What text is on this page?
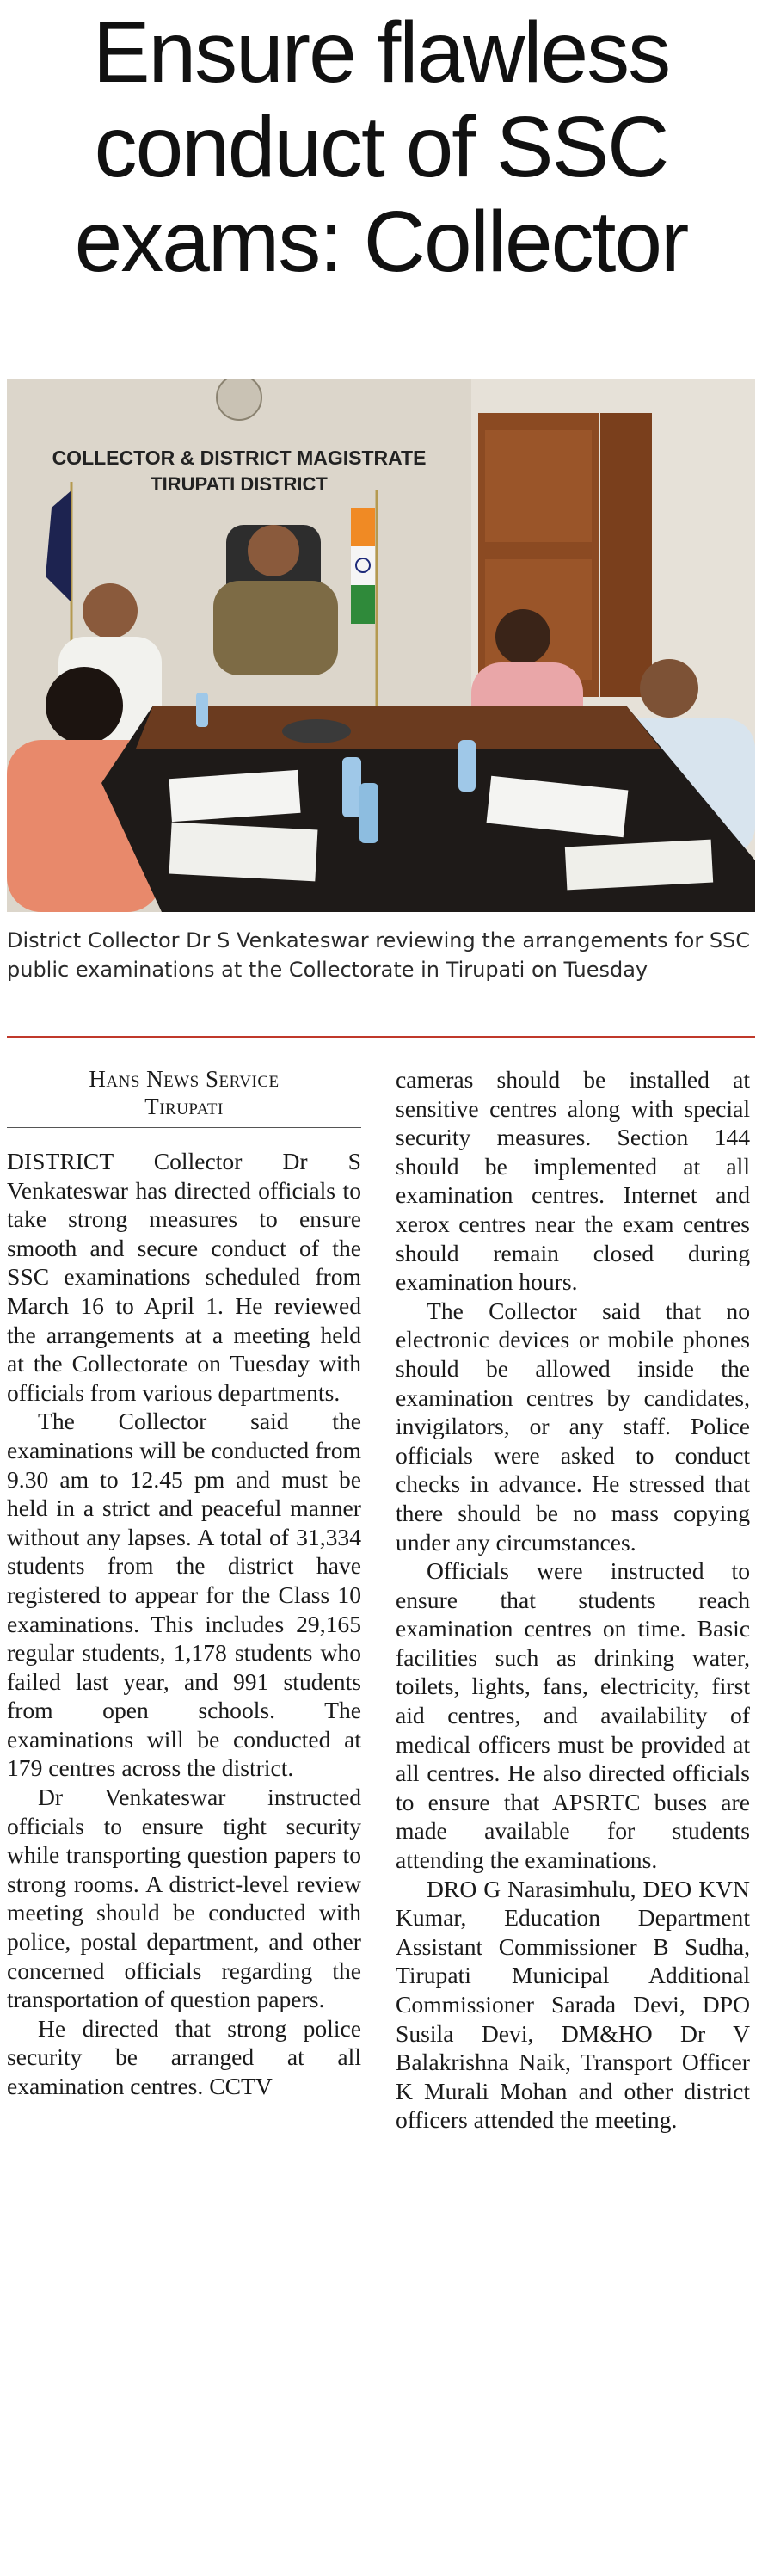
Ensure flawless
conduct of SSC
exams: Collector
COLLECTOR & DISTRICT MAGISTRATE
TIRUPATI DISTRICT

District Collector Dr S Venkateswar reviewing the arrangements for SSC public examinations at the Collectorate in Tirupati on Tuesday

Hans News Service
Tirupati

DISTRICT Collector Dr S Venkateswar has directed officials to take strong measures to ensure smooth and secure conduct of the SSC examinations scheduled from March 16 to April 1. He reviewed the arrangements at a meeting held at the Collectorate on Tuesday with officials from various departments.

The Collector said the examinations will be conducted from 9.30 am to 12.45 pm and must be held in a strict and peaceful manner without any lapses. A total of 31,334 students from the district have registered to appear for the Class 10 examinations. This includes 29,165 regular students, 1,178 students who failed last year, and 991 students from open schools. The examinations will be conducted at 179 centres across the district.

Dr Venkateswar instructed officials to ensure tight security while transporting question papers to strong rooms. A district-level review meeting should be conducted with police, postal department, and other concerned officials regarding the transportation of question papers.

He directed that strong police security be arranged at all examination centres. CCTV

cameras should be installed at sensitive centres along with special security measures. Section 144 should be implemented at all examination centres. Internet and xerox centres near the exam centres should remain closed during examination hours.

The Collector said that no electronic devices or mobile phones should be allowed inside the examination centres by candidates, invigilators, or any staff. Police officials were asked to conduct checks in advance. He stressed that there should be no mass copying under any circumstances.

Officials were instructed to ensure that students reach examination centres on time. Basic facilities such as drinking water, toilets, lights, fans, electricity, first aid centres, and availability of medical officers must be provided at all centres. He also directed officials to ensure that APSRTC buses are made available for students attending the examinations.

DRO G Narasimhulu, DEO KVN Kumar, Education Department Assistant Commissioner B Sudha, Tirupati Municipal Additional Commissioner Sarada Devi, DPO Susila Devi, DM&HO Dr V Balakrishna Naik, Transport Officer K Murali Mohan and other district officers attended the meeting.
